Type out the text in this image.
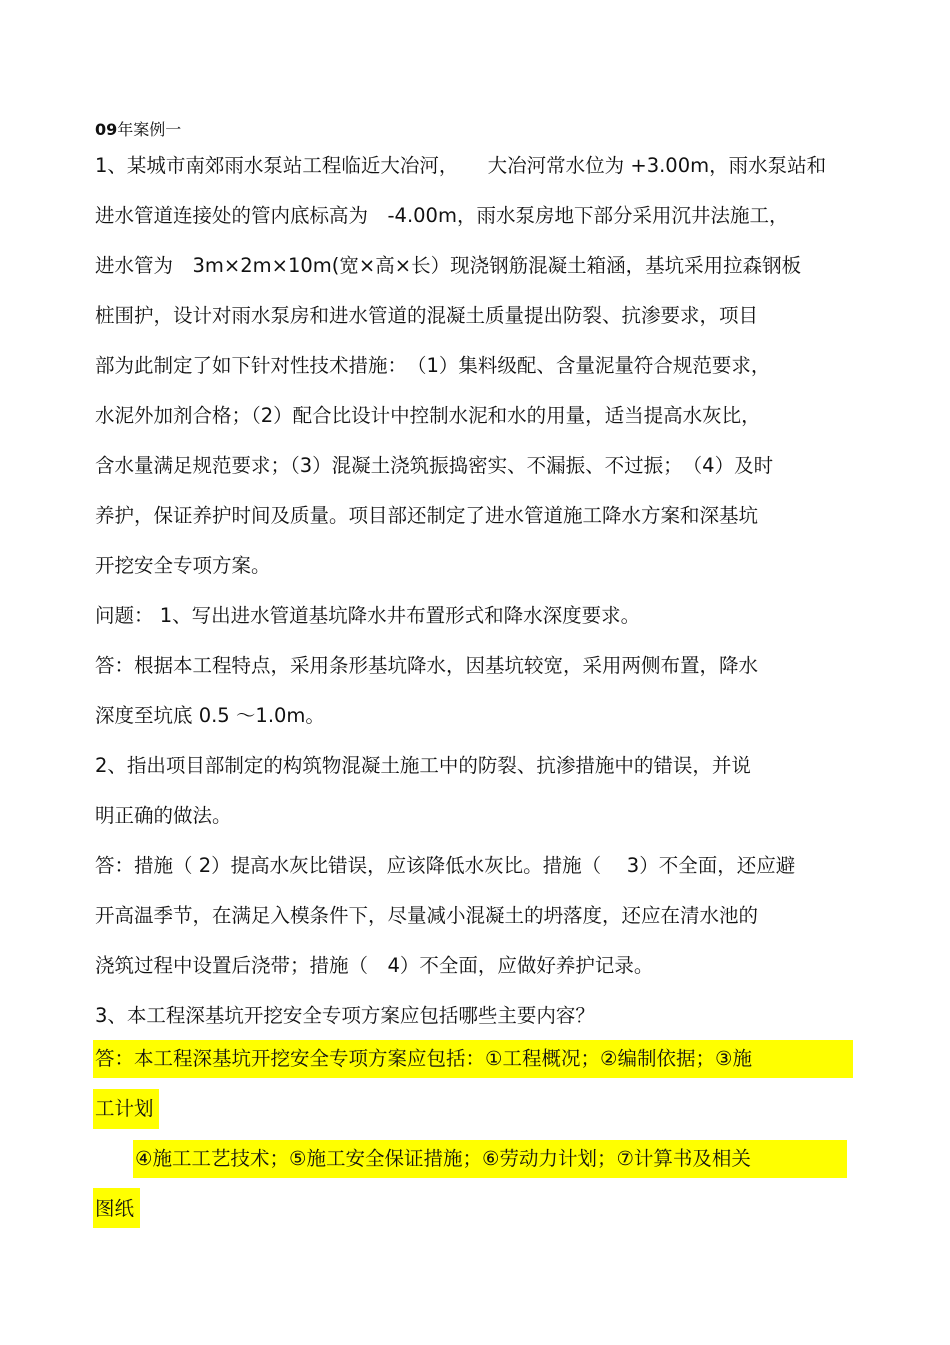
09年案例一
1、某城市南郊雨水泵站工程临近大冶河，　　大冶河常水位为 +3.00m，雨水泵站和
进水管道连接处的管内底标高为　-4.00m，雨水泵房地下部分采用沉井法施工，
进水管为　3m×2m×10m(宽×高×长）现浇钢筋混凝土箱涵，基坑采用拉森钢板
桩围护，设计对雨水泵房和进水管道的混凝土质量提出防裂、抗渗要求，项目
部为此制定了如下针对性技术措施：　（1）集料级配、含量泥量符合规范要求，
水泥外加剂合格；（2）配合比设计中控制水泥和水的用量，适当提高水灰比，
含水量满足规范要求；（3）混凝土浇筑振捣密实、不漏振、不过振；　（4）及时
养护，保证养护时间及质量。项目部还制定了进水管道施工降水方案和深基坑
开挖安全专项方案。
问题： 1、写出进水管道基坑降水井布置形式和降水深度要求。
答：根据本工程特点，采用条形基坑降水，因基坑较宽，采用两侧布置，降水
深度至坑底 0.5 ～1.0m。
2、指出项目部制定的构筑物混凝土施工中的防裂、抗渗措施中的错误，并说
明正确的做法。
答：措施（ 2）提高水灰比错误，应该降低水灰比。措施（　 3）不全面，还应避
开高温季节，在满足入模条件下，尽量减小混凝土的坍落度，还应在清水池的
浇筑过程中设置后浇带；措施（　4）不全面，应做好养护记录。
3、本工程深基坑开挖安全专项方案应包括哪些主要内容？
答：本工程深基坑开挖安全专项方案应包括：①工程概况；②编制依据；③施
工计划
④施工工艺技术；⑤施工安全保证措施；⑥劳动力计划；⑦计算书及相关
图纸
